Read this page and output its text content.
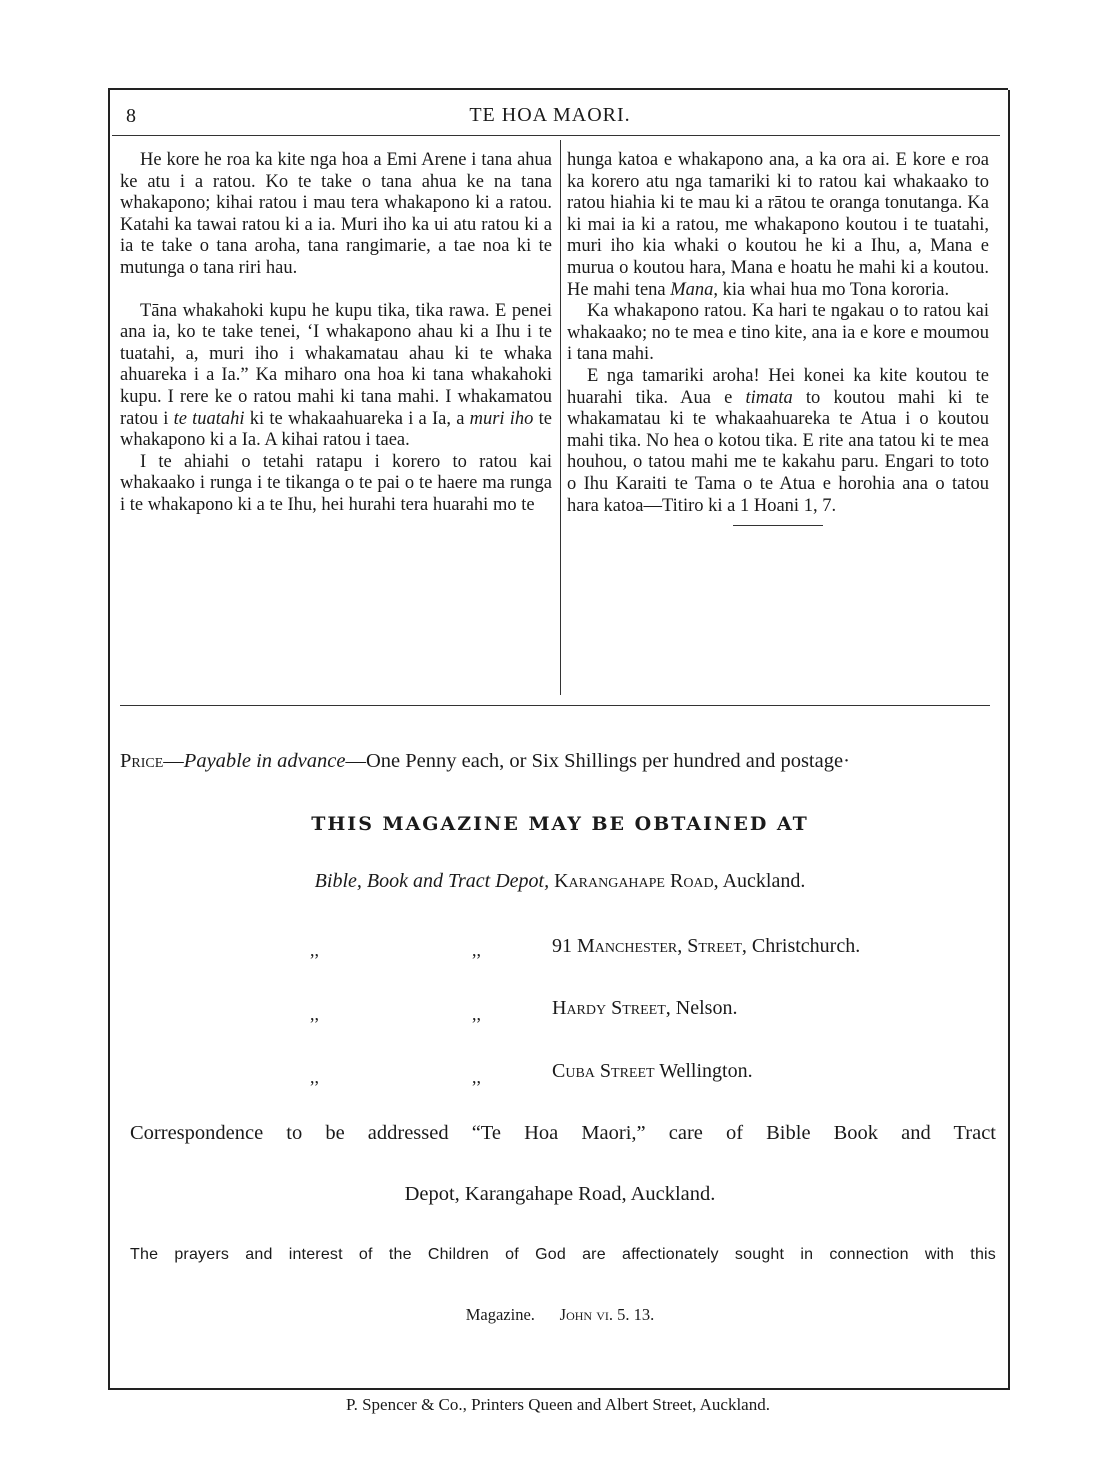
8	TE HOA MAORI.

He kore he roa ka kite nga hoa a Emi Arene i tana ahua ke atu i a ratou. Ko te take o tana ahua ke na tana whakapono; kihai ratou i mau tera whakapono ki a ratou. Katahi ka tawai ratou ki a ia. Muri iho ka ui atu ratou ki a ia te take o tana aroha, tana rangimarie, a tae noa ki te mutunga o tana riri hau.

Tāna whakahoki kupu he kupu tika, tika rawa. E penei ana ia, ko te take tenei, ‘I whakapono ahau ki a Ihu i te tuatahi, a, muri iho i whakamatau ahau ki te whaka ahuareka i a Ia.” Ka miharo ona hoa ki tana whakahoki kupu. I rere ke o ratou mahi ki tana mahi. I whakamatou ratou i te tuatahi ki te whakaahuareka i a Ia, a muri iho te whakapono ki a Ia. A kihai ratou i taea.

I te ahiahi o tetahi ratapu i korero to ratou kai whakaako i runga i te tikanga o te pai o te haere ma runga i te whakapono ki a te Ihu, hei hurahi tera huarahi mo te

hunga katoa e whakapono ana, a ka ora ai. E kore e roa ka korero atu nga tamariki ki to ratou kai whakaako to ratou hiahia ki te mau ki a rātou te oranga tonutanga. Ka ki mai ia ki a ratou, me whakapono koutou i te tuatahi, muri iho kia whaki o koutou he ki a Ihu, a, Mana e murua o koutou hara, Mana e hoatu he mahi ki a koutou. He mahi tena Mana, kia whai hua mo Tona kororia.

Ka whakapono ratou. Ka hari te ngakau o to ratou kai whakaako; no te mea e tino kite, ana ia e kore e moumou i tana mahi.

E nga tamariki aroha! Hei konei ka kite koutou te huarahi tika. Aua e timata to koutou mahi ki te whakamatau ki te whakaahuareka te Atua i o koutou mahi tika. No hea o kotou tika. E rite ana tatou ki te mea houhou, o tatou mahi me te kakahu paru. Engari to toto o Ihu Karaiti te Tama o te Atua e horohia ana o tatou hara katoa—Titiro ki a 1 Hoani 1, 7.

Price—Payable in advance—One Penny each, or Six Shillings per hundred and postage·
THIS MAGAZINE MAY BE OBTAINED AT
Bible, Book and Tract Depot, Karangahape Road, Auckland.
,,	,,	91 Manchester, Street, Christchurch.
,,	,,	Hardy Street, Nelson.
,,	,,	Cuba Street Wellington.
Correspondence to be addressed “Te Hoa Maori,” care of Bible Book and Tract
Depot, Karangahape Road, Auckland.
The prayers and interest of the Children of God are affectionately sought in connection with this
Magazine. John vi. 5. 13.
P. Spencer & Co., Printers Queen and Albert Street, Auckland.
